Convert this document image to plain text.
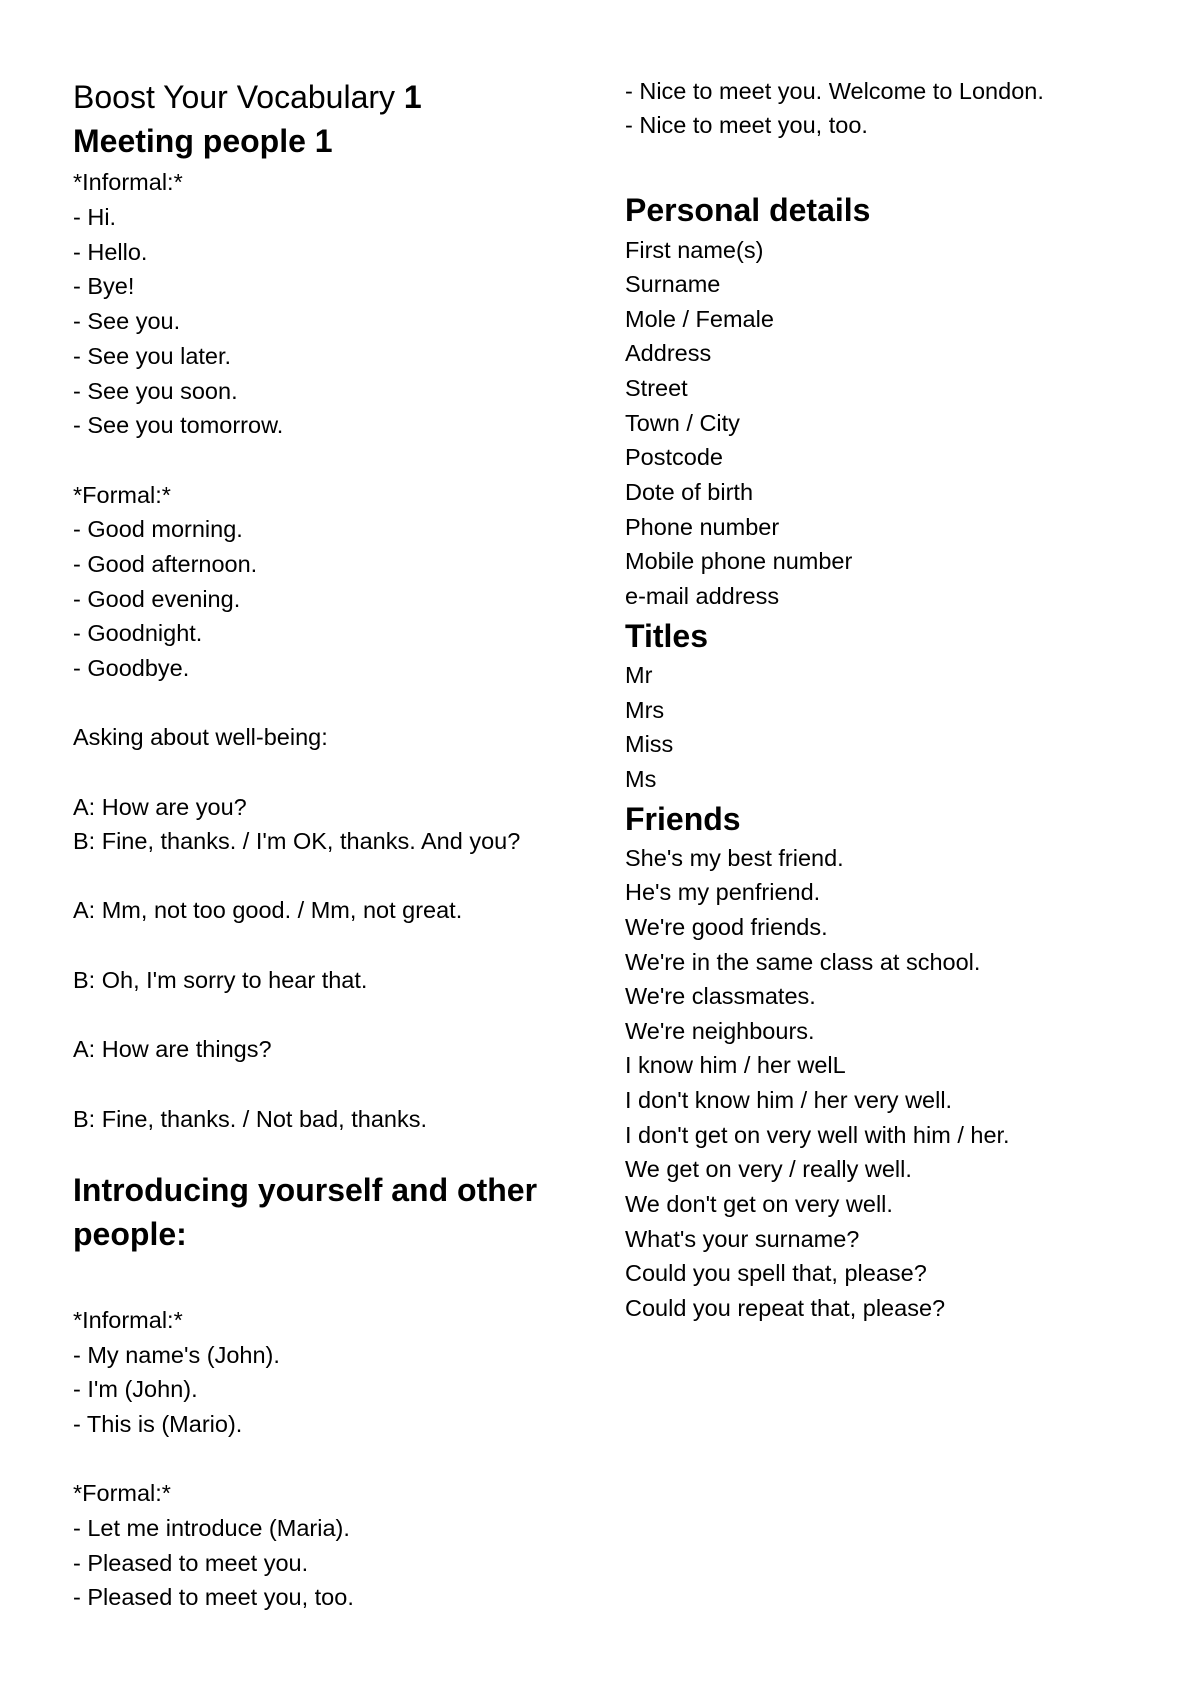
Boost Your Vocabulary 1
Meeting people 1
*Informal:*
- Hi.
- Hello.
- Bye!
- See you.
- See you later.
- See you soon.
- See you tomorrow.
*Formal:*
- Good morning.
- Good afternoon.
- Good evening.
- Goodnight.
- Goodbye.
Asking about well-being:
A: How are you?
B: Fine, thanks. / I'm OK, thanks. And you?
A: Mm, not too good. / Mm, not great.
B: Oh, I'm sorry to hear that.
A: How are things?
B: Fine, thanks. / Not bad, thanks.
Introducing yourself and other
people:
*Informal:*
- My name's (John).
- I'm (John).
- This is (Mario).
*Formal:*
- Let me introduce (Maria).
- Pleased to meet you.
- Pleased to meet you, too.
- Nice to meet you. Welcome to London.
- Nice to meet you, too.
Personal details
First name(s)
Surname
Mole / Female
Address
Street
Town / City
Postcode
Dote of birth
Phone number
Mobile phone number
e-mail address
Titles
Mr
Mrs
Miss
Ms
Friends
She's my best friend.
He's my penfriend.
We're good friends.
We're in the same class at school.
We're classmates.
We're neighbours.
I know him / her welL
I don't know him / her very well.
I don't get on very well with him / her.
We get on very / really well.
We don't get on very well.
What's your surname?
Could you spell that, please?
Could you repeat that, please?
